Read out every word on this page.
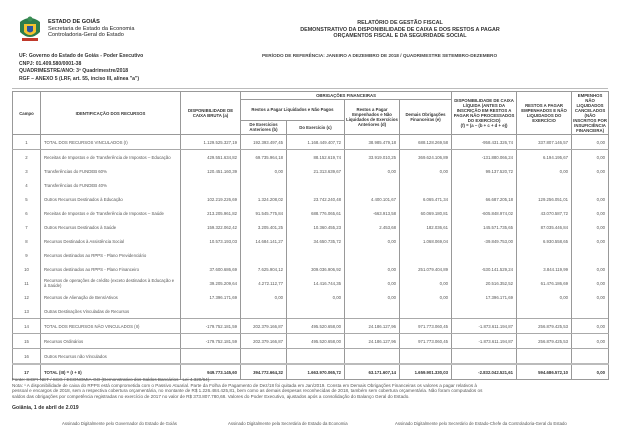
ESTADO DE GOIÁS
Secretaria de Estado da Economia
Controladoria-Geral do Estado
RELATÓRIO DE GESTÃO FISCAL
DEMONSTRATIVO DA DISPONIBILIDADE DE CAIXA E DOS RESTOS A PAGAR
ORÇAMENTOS FISCAL E DA SEGURIDADE SOCIAL
PERÍODO DE REFERÊNCIA: JANEIRO A DEZEMBRO DE 2018 / QUADRIMESTRE SETEMBRO-DEZEMBRO
UF: Governo do Estado de Goiás - Poder Executivo
CNPJ: 01.409.580/0001-38
QUADRIMESTRE/ANO: 3º Quadrimestre/2018
RGF – ANEXO 5 (LRF, art. 55, inciso III, alínea "a")
Campo	IDENTIFICAÇÃO DOS RECURSOS	DISPONIBILIDADE DE CAIXA BRUTA (a)	OBRIGAÇÕES FINANCEIRAS				DISPONIBILIDADE DE CAIXA LÍQUIDA (ANTES DA INSCRIÇÃO EM RESTOS A PAGAR NÃO PROCESSADOS DO EXERCÍCIO)
(f) = (a – (b + c + d + e))	RESTOS A PAGAR EMPENHADOS E NÃO LIQUIDADOS DO EXERCÍCIO	EMPENHOS NÃO LIQUIDADOS CANCELADOS (NÃO INSCRITOS POR INSUFICIÊNCIA FINANCEIRA)
			Restos a Pagar Liquidados e Não Pagos		Restos a Pagar Empenhados e Não Liquidados de Exercícios Anteriores (d)	Demais Obrigações Financeiras (e)			
			De Exercícios Anteriores (b)	Do Exercício (c)					
1	TOTAL DOS RECURSOS VINCULADOS (I)	1.129.525.327,19	192.393.497,45	1.168.449.407,72	38.985.479,18	688.128.269,58	-958.431.326,74	337.807.146,57	0,00
2	Receitas de Impostos e de Transferência de Impostos – Educação	429.551.634,82	69.735.964,18	88.152.619,74	33.919.010,25	369.624.106,89	-131.880.066,24	6.194.195,67	0,00
3	Transferências do FUNDEB 60%	120.451.160,39	0,00	21.313.639,67	0,00	0,00	99.137.520,72	0,00	0,00
4	Transferências do FUNDEB 40%								
5	Outros Recursos Destinados à Educação	102.219.226,69	1.324.208,02	23.742.240,48	4.400.101,67	6.065.471,34	66.687.205,18	129.256.051,01	0,00
6	Receitas de Impostos e de Transferência de Impostos – Saúde	213.205.961,82	91.545.775,84	688.776.065,61	-663.913,58	60.069.180,81	-605.848.974,02	43.070.587,72	0,00
7	Outros Recursos Destinados à Saúde	159.322.062,42	3.205.401,25	10.360.455,23	2.453,68	182.036,61	145.571.735,65	87.035.446,84	0,00
8	Recursos Destinados à Assistência Social	10.573.193,03	14.684.141,27	34.650.735,72	0,00	1.068.069,04	-39.849.753,00	6.930.558,65	0,00
9	Recursos destinados ao RPPS - Plano Previdenciário								
10	Recursos destinados ao RPPS - Plano Financeiro	37.600.686,69	7.625.904,12	309.036.906,92	0,00	251.079.404,89	-530.141.529,24	3.844.119,99	0,00
11	Recursos de operações de crédito (exceto destinados à Educação e à Saúde)	39.205.209,64	4.272.112,77	14.416.744,35	0,00	0,00	20.516.352,52	61.476.186,69	0,00
12	Recursos de Alienação de Bens/Ativos	17.396.171,69	0,00	0,00	0,00	0,00	17.396.171,69	0,00	0,00
13	Outras Destinações Vinculadas de Recursos								
14	TOTAL DOS RECURSOS NÃO VINCULADOS (II)	-179.752.181,59	202.379.166,87	495.520.658,00	24.186.127,96	971.773.060,45	-1.873.611.194,87	256.879.425,53	0,00
15	Recursos Ordinários	-179.752.181,59	202.379.166,87	495.520.658,00	24.186.127,96	971.773.060,45	-1.873.611.194,87	256.879.425,53	0,00
16	Outros Recursos não Vinculados								
17	TOTAL (III) = (I + II)	949.773.145,60	394.772.664,32	1.663.970.065,72	63.171.607,14	1.659.901.330,03	-2.832.042.521,61	594.686.572,10	0,00
Fonte: SIOFI-NET / SCG / ECONOMIA-GO (Demonstrativo dos Saldos Bancários - Lei 4.320/64).
Nota: ¹ A disponibilidade de caixa do RPPS está comprometida com o Passivo Atuarial. Parte da Folha de Pagamento de Dez/18 foi quitada em Jan/2019. Consta em Demais Obrigações Financeiras os valores a pagar relativos à
pessoal e encargos de 2018, sem a respectiva cobertura orçamentária, no montante de R$ 1.226.484.425,81, bem como as demais despesas reconhecidas de 2018, também sem cobertura orçamentária. Não foram computados os
saldos das obrigações por competência registradas no exercício de 2017 no valor de R$ 373.807.780,68. Valores do Poder Executivo, ajustados após a consolidação do Balanço Geral do Estado.
Goiânia, 1 de abril de 2.019
Assinado Digitalmente pelo Governador do Estado de Goiás	Assinado Digitalmente pela Secretária de Estado da Economia	Assinado Digitalmente pelo Secretário de Estado-Chefe da Controladoria-Geral do Estado
